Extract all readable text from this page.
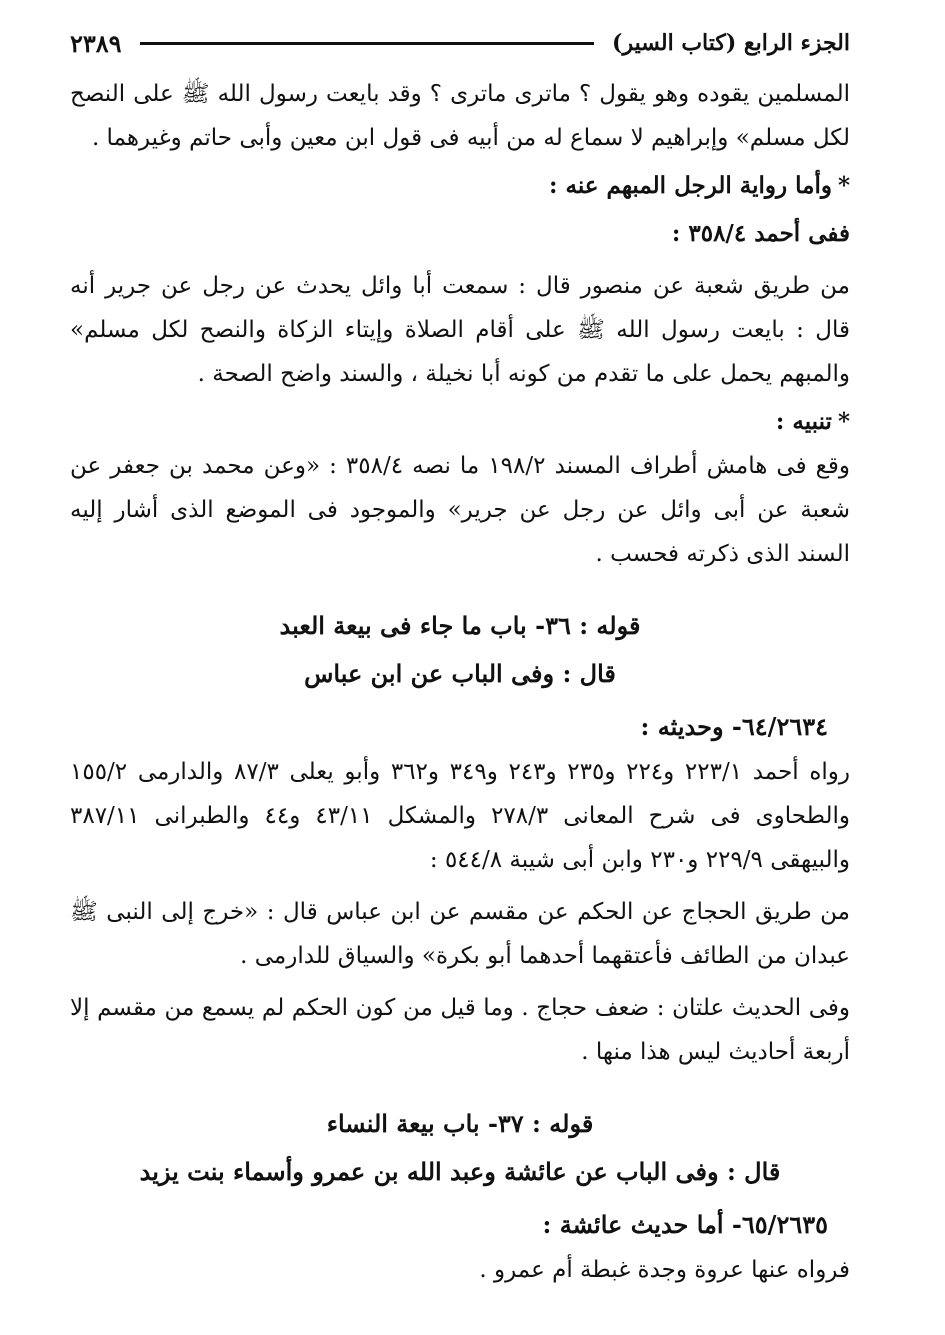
الجزء الرابع (كتاب السير)
٢٣٨٩

المسلمين يقوده وهو يقول ؟ ماترى ماترى ؟ وقد بايعت رسول الله ﷺ على النصح لكل مسلم» وإبراهيم لا سماع له من أبيه فى قول ابن معين وأبى حاتم وغيرهما .

*وأما رواية الرجل المبهم عنه :

ففى أحمد ٣٥٨/٤ :

من طريق شعبة عن منصور قال : سمعت أبا وائل يحدث عن رجل عن جرير أنه قال : بايعت رسول الله ﷺ على أقام الصلاة وإيتاء الزكاة والنصح لكل مسلم» والمبهم يحمل على ما تقدم من كونه أبا نخيلة ، والسند واضح الصحة .

*تنبيه :

وقع فى هامش أطراف المسند ١٩٨/٢ ما نصه ٣٥٨/٤ : «وعن محمد بن جعفر عن شعبة عن أبى وائل عن رجل عن جرير» والموجود فى الموضع الذى أشار إليه السند الذى ذكرته فحسب .

قوله : ٣٦- باب ما جاء فى بيعة العبد

قال : وفى الباب عن ابن عباس

٦٤/٢٦٣٤- وحديثه :

رواه أحمد ٢٢٣/١ و٢٢٤ و٢٣٥ و٢٤٣ و٣٤٩ و٣٦٢ وأبو يعلى ٨٧/٣ والدارمى ١٥٥/٢ والطحاوى فى شرح المعانى ٢٧٨/٣ والمشكل ٤٣/١١ و٤٤ والطبرانى ٣٨٧/١١ والبيهقى ٢٢٩/٩ و٢٣٠ وابن أبى شيبة ٥٤٤/٨ :

من طريق الحجاج عن الحكم عن مقسم عن ابن عباس قال : «خرج إلى النبى ﷺ عبدان من الطائف فأعتقهما أحدهما أبو بكرة» والسياق للدارمى .

وفى الحديث علتان : ضعف حجاج . وما قيل من كون الحكم لم يسمع من مقسم إلا أربعة أحاديث ليس هذا منها .

قوله : ٣٧- باب بيعة النساء

قال : وفى الباب عن عائشة وعبد الله بن عمرو وأسماء بنت يزيد

٦٥/٢٦٣٥- أما حديث عائشة :

فرواه عنها عروة وجدة غبطة أم عمرو .
